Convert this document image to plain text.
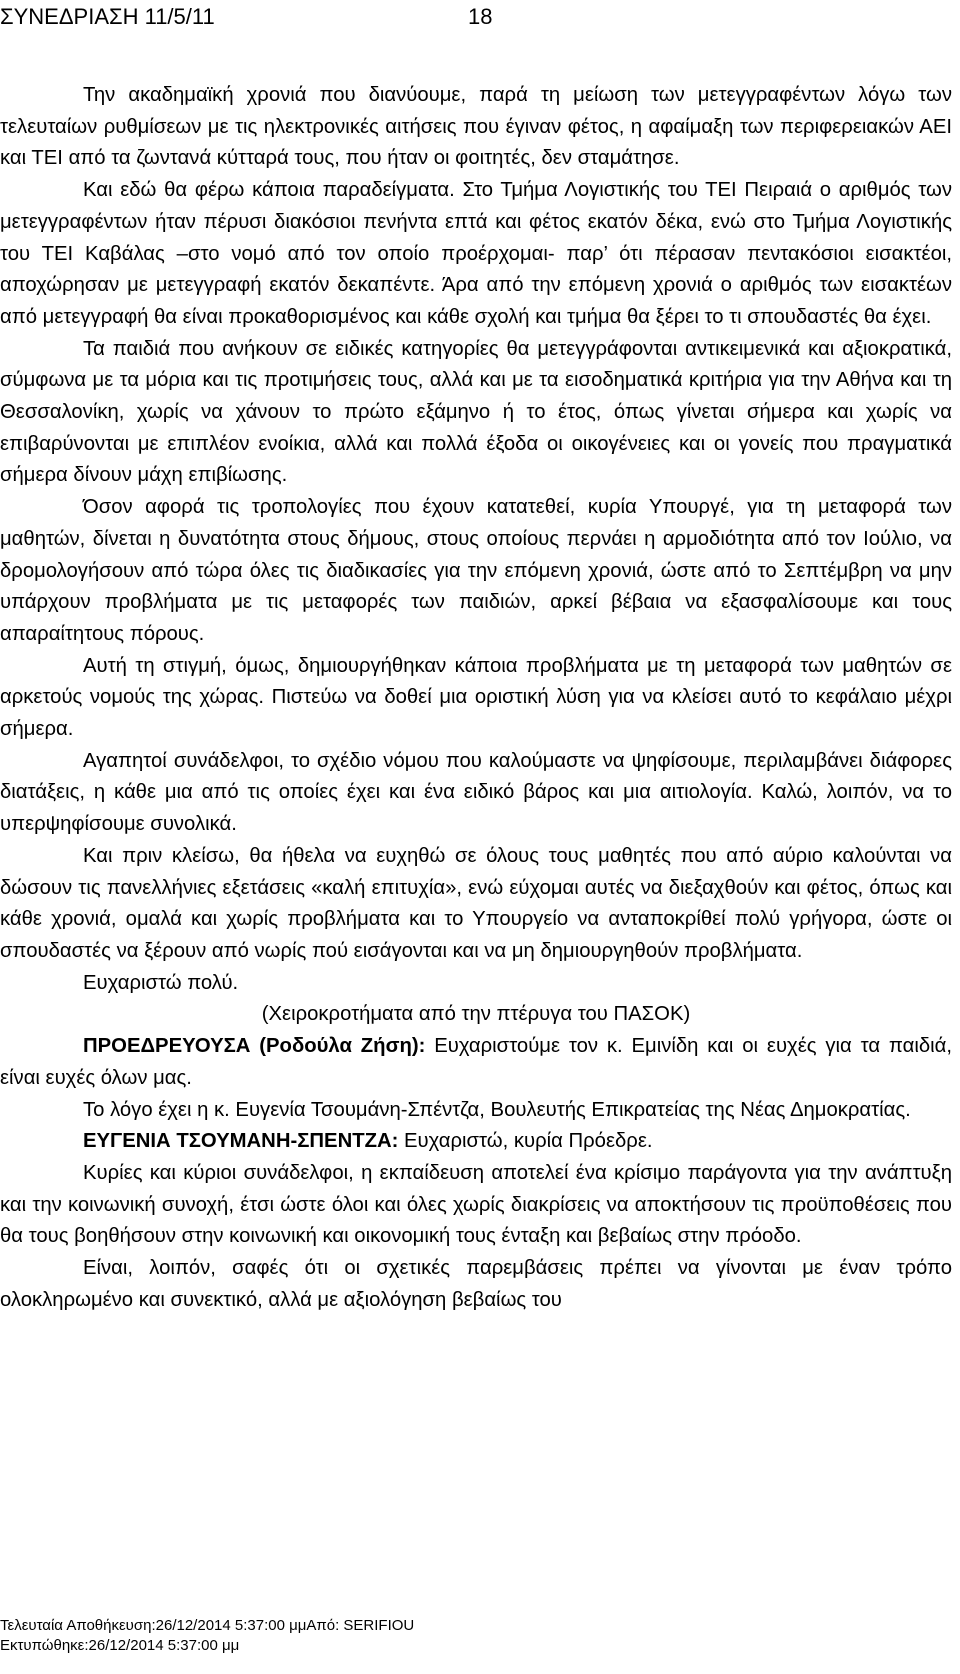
ΣΥΝΕΔΡΙΑΣΗ 11/5/11	18

Την ακαδημαϊκή χρονιά που διανύουμε, παρά τη μείωση των μετεγγραφέντων λόγω των τελευταίων ρυθμίσεων με τις ηλεκτρονικές αιτήσεις που έγιναν φέτος, η αφαίμαξη των περιφερειακών ΑΕΙ και ΤΕΙ από τα ζωντανά κύτταρά τους, που ήταν οι φοιτητές, δεν σταμάτησε.

Και εδώ θα φέρω κάποια παραδείγματα. Στο Τμήμα Λογιστικής του ΤΕΙ Πειραιά ο αριθμός των μετεγγραφέντων ήταν πέρυσι διακόσιοι πενήντα επτά και φέτος εκατόν δέκα, ενώ στο Τμήμα Λογιστικής του ΤΕΙ Καβάλας –στο νομό από τον οποίο προέρχομαι- παρ’ ότι πέρασαν πεντακόσιοι εισακτέοι, αποχώρησαν με μετεγγραφή εκατόν δεκαπέντε. Άρα από την επόμενη χρονιά ο αριθμός των εισακτέων από μετεγγραφή θα είναι προκαθορισμένος και κάθε σχολή και τμήμα θα ξέρει το τι σπουδαστές θα έχει.

Τα παιδιά που ανήκουν σε ειδικές κατηγορίες θα μετεγγράφονται αντικειμενικά και αξιοκρατικά, σύμφωνα με τα μόρια και τις προτιμήσεις τους, αλλά και με τα εισοδηματικά κριτήρια για την Αθήνα και τη Θεσσαλονίκη, χωρίς να χάνουν το πρώτο εξάμηνο ή το έτος, όπως γίνεται σήμερα και χωρίς να επιβαρύνονται με επιπλέον ενοίκια, αλλά και πολλά έξοδα οι οικογένειες και οι γονείς που πραγματικά σήμερα δίνουν μάχη επιβίωσης.

Όσον αφορά τις τροπολογίες που έχουν κατατεθεί, κυρία Υπουργέ, για τη μεταφορά των μαθητών, δίνεται η δυνατότητα στους δήμους, στους οποίους περνάει η αρμοδιότητα από τον Ιούλιο, να δρομολογήσουν από τώρα όλες τις διαδικασίες για την επόμενη χρονιά, ώστε από το Σεπτέμβρη να μην υπάρχουν προβλήματα με τις μεταφορές των παιδιών, αρκεί βέβαια να εξασφαλίσουμε και τους απαραίτητους πόρους.

Αυτή τη στιγμή, όμως, δημιουργήθηκαν κάποια προβλήματα με τη μεταφορά των μαθητών σε αρκετούς νομούς της χώρας. Πιστεύω να δοθεί μια οριστική λύση για να κλείσει αυτό το κεφάλαιο μέχρι σήμερα.

Αγαπητοί συνάδελφοι, το σχέδιο νόμου που καλούμαστε να ψηφίσουμε, περιλαμβάνει διάφορες διατάξεις, η κάθε μια από τις οποίες έχει και ένα ειδικό βάρος και μια αιτιολογία. Καλώ, λοιπόν, να το υπερψηφίσουμε συνολικά.

Και πριν κλείσω, θα ήθελα να ευχηθώ σε όλους τους μαθητές που από αύριο καλούνται να δώσουν τις πανελλήνιες εξετάσεις «καλή επιτυχία», ενώ εύχομαι αυτές να διεξαχθούν και φέτος, όπως και κάθε χρονιά, ομαλά και χωρίς προβλήματα και το Υπουργείο να ανταποκρίθεί πολύ γρήγορα, ώστε οι σπουδαστές να ξέρουν από νωρίς πού εισάγονται και να μη δημιουργηθούν προβλήματα.

Ευχαριστώ πολύ.

(Χειροκροτήματα από την πτέρυγα του ΠΑΣΟΚ)

ΠΡΟΕΔΡΕΥΟΥΣΑ (Ροδούλα Ζήση): Ευχαριστούμε τον κ. Εμινίδη και οι ευχές για τα παιδιά, είναι ευχές όλων μας.

Το λόγο έχει η κ. Ευγενία Τσουμάνη-Σπέντζα, Βουλευτής Επικρατείας της Νέας Δημοκρατίας.

ΕΥΓΕΝΙΑ ΤΣΟΥΜΑΝΗ-ΣΠΕΝΤΖΑ: Ευχαριστώ, κυρία Πρόεδρε.

Κυρίες και κύριοι συνάδελφοι, η εκπαίδευση αποτελεί ένα κρίσιμο παράγοντα για την ανάπτυξη και την κοινωνική συνοχή, έτσι ώστε όλοι και όλες χωρίς διακρίσεις να αποκτήσουν τις προϋποθέσεις που θα τους βοηθήσουν στην κοινωνική και οικονομική τους ένταξη και βεβαίως στην πρόοδο.

Είναι, λοιπόν, σαφές ότι οι σχετικές παρεμβάσεις πρέπει να γίνονται με έναν τρόπο ολοκληρωμένο και συνεκτικό, αλλά με αξιολόγηση βεβαίως του

Τελευταία Αποθήκευση:26/12/2014 5:37:00 μμΑπό: SERIFIOU
Εκτυπώθηκε:26/12/2014 5:37:00 μμ
